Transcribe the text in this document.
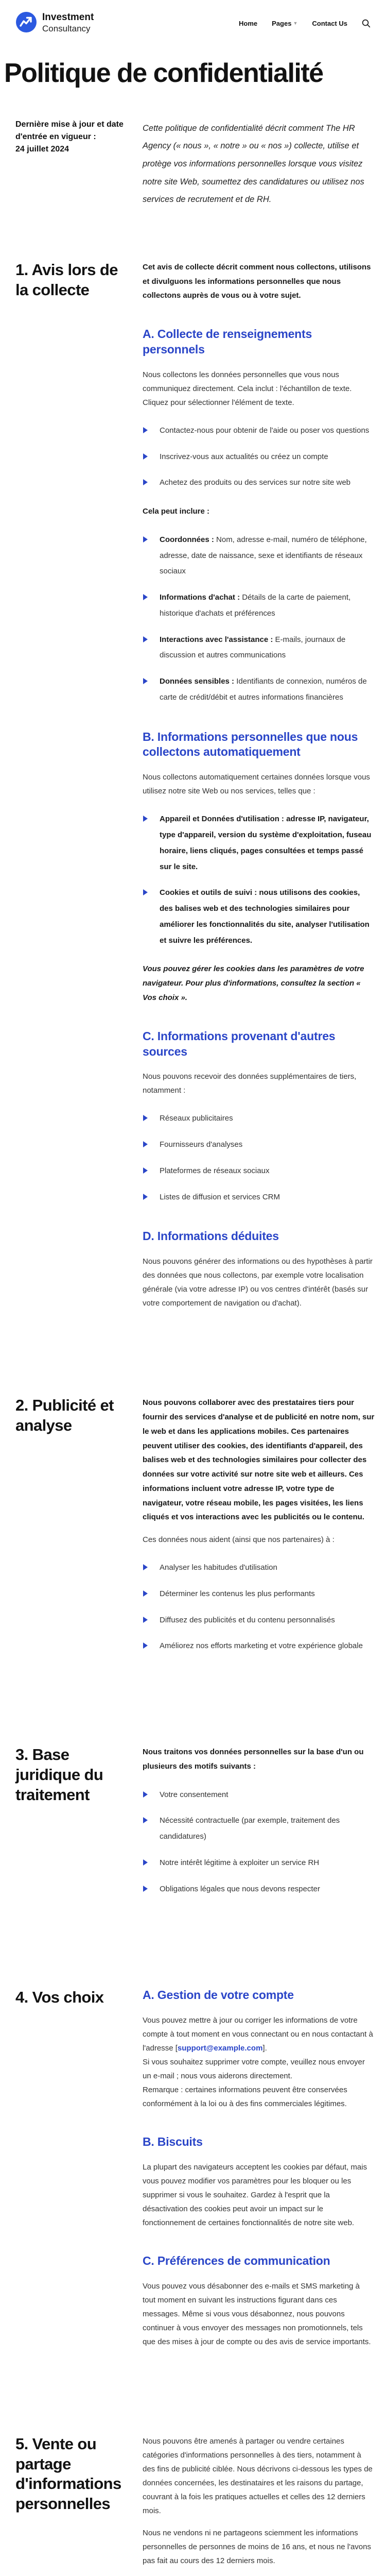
Investment
Consultancy
Home Pages ▼ Contact Us
Politique de confidentialité
Dernière mise à jour et date d'entrée en vigueur :
24 juillet 2024
Cette politique de confidentialité décrit comment The HR Agency (« nous », « notre » ou « nos ») collecte, utilise et protège vos informations personnelles lorsque vous visitez notre site Web, soumettez des candidatures ou utilisez nos services de recrutement et de RH.
1. Avis lors de la collecte

Cet avis de collecte décrit comment nous collectons, utilisons et divulguons les informations personnelles que nous collectons auprès de vous ou à votre sujet.

A. Collecte de renseignements personnels

Nous collectons les données personnelles que vous nous communiquez directement. Cela inclut : l'échantillon de texte. Cliquez pour sélectionner l'élément de texte.

Contactez-nous pour obtenir de l'aide ou poser vos questions
Inscrivez-vous aux actualités ou créez un compte
Achetez des produits ou des services sur notre site web

Cela peut inclure :

Coordonnées : Nom, adresse e-mail, numéro de téléphone, adresse, date de naissance, sexe et identifiants de réseaux sociaux
Informations d'achat : Détails de la carte de paiement, historique d'achats et préférences
Interactions avec l'assistance : E-mails, journaux de discussion et autres communications
Données sensibles : Identifiants de connexion, numéros de carte de crédit/débit et autres informations financières
B. Informations personnelles que nous collectons automatiquement

Nous collectons automatiquement certaines données lorsque vous utilisez notre site Web ou nos services, telles que :

Appareil et Données d'utilisation : adresse IP, navigateur, type d'appareil, version du système d'exploitation, fuseau horaire, liens cliqués, pages consultées et temps passé sur le site.
Cookies et outils de suivi : nous utilisons des cookies, des balises web et des technologies similaires pour améliorer les fonctionnalités du site, analyser l'utilisation et suivre les préférences.

Vous pouvez gérer les cookies dans les paramètres de votre navigateur. Pour plus d'informations, consultez la section « Vos choix ».

C. Informations provenant d'autres sources

Nous pouvons recevoir des données supplémentaires de tiers, notamment :

Réseaux publicitaires
Fournisseurs d'analyses
Plateformes de réseaux sociaux
Listes de diffusion et services CRM
D. Informations déduites

Nous pouvons générer des informations ou des hypothèses à partir des données que nous collectons, par exemple votre localisation générale (via votre adresse IP) ou vos centres d'intérêt (basés sur votre comportement de navigation ou d'achat).

2. Publicité et analyse

Nous pouvons collaborer avec des prestataires tiers pour fournir des services d'analyse et de publicité en notre nom, sur le web et dans les applications mobiles. Ces partenaires peuvent utiliser des cookies, des identifiants d'appareil, des balises web et des technologies similaires pour collecter des données sur votre activité sur notre site web et ailleurs. Ces informations incluent votre adresse IP, votre type de navigateur, votre réseau mobile, les pages visitées, les liens cliqués et vos interactions avec les publicités ou le contenu.

Ces données nous aident (ainsi que nos partenaires) à :

Analyser les habitudes d'utilisation
Déterminer les contenus les plus performants
Diffusez des publicités et du contenu personnalisés
Améliorez nos efforts marketing et votre expérience globale
3. Base juridique du traitement

Nous traitons vos données personnelles sur la base d'un ou plusieurs des motifs suivants :

Votre consentement
Nécessité contractuelle (par exemple, traitement des candidatures)
Notre intérêt légitime à exploiter un service RH
Obligations légales que nous devons respecter
4. Vos choix	A. Gestion de votre compte

Vous pouvez mettre à jour ou corriger les informations de votre compte à tout moment en vous connectant ou en nous contactant à l'adresse [support@example.com].
Si vous souhaitez supprimer votre compte, veuillez nous envoyer un e-mail ; nous vous aiderons directement.
Remarque : certaines informations peuvent être conservées conformément à la loi ou à des fins commerciales légitimes.

B. Biscuits

La plupart des navigateurs acceptent les cookies par défaut, mais vous pouvez modifier vos paramètres pour les bloquer ou les supprimer si vous le souhaitez. Gardez à l'esprit que la désactivation des cookies peut avoir un impact sur le fonctionnement de certaines fonctionnalités de notre site web.

C. Préférences de communication

Vous pouvez vous désabonner des e-mails et SMS marketing à tout moment en suivant les instructions figurant dans ces messages. Même si vous vous désabonnez, nous pouvons continuer à vous envoyer des messages non promotionnels, tels que des mises à jour de compte ou des avis de service importants.

5. Vente ou partage d'informations personnelles

Nous pouvons être amenés à partager ou vendre certaines catégories d'informations personnelles à des tiers, notamment à des fins de publicité ciblée. Nous décrivons ci-dessous les types de données concernées, les destinataires et les raisons du partage, couvrant à la fois les pratiques actuelles et celles des 12 derniers mois.

Nous ne vendons ni ne partageons sciemment les informations personnelles de personnes de moins de 16 ans, et nous ne l'avons pas fait au cours des 12 derniers mois.
